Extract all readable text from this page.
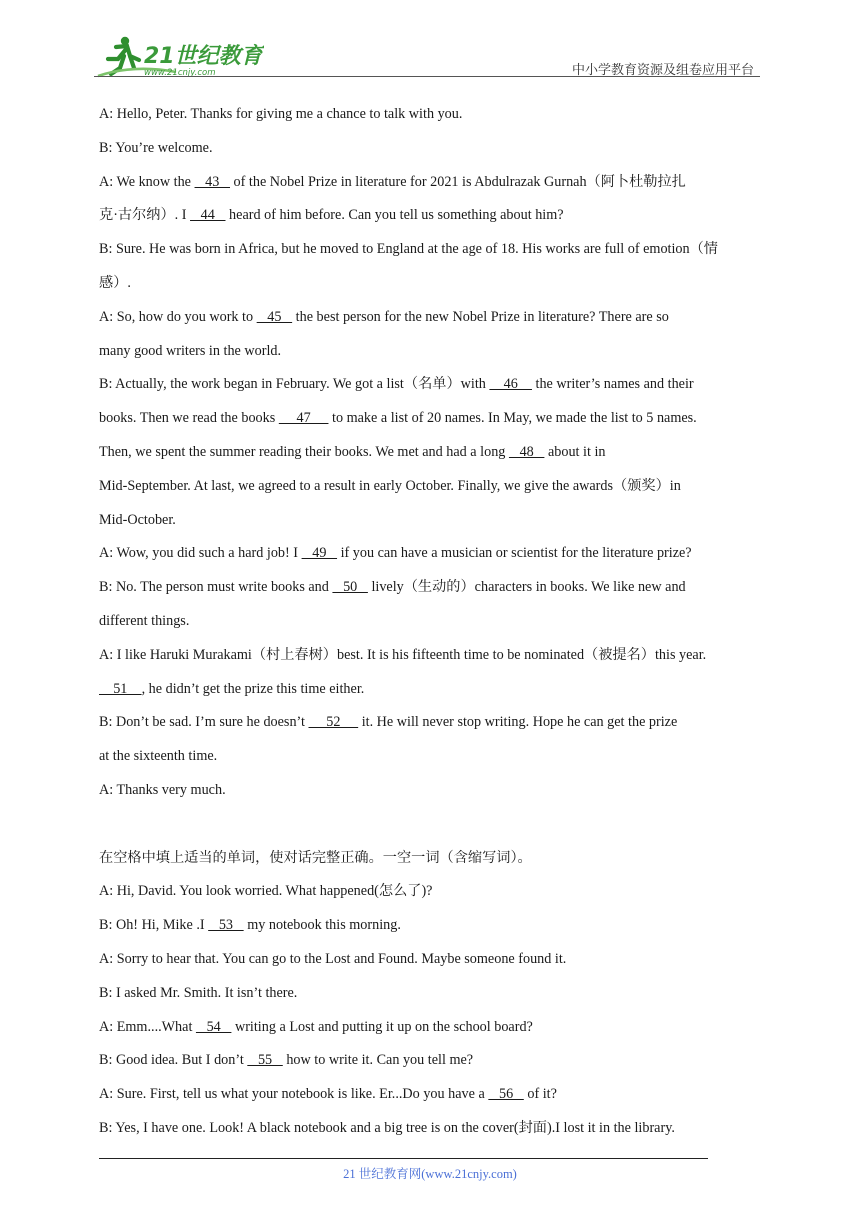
21世纪教育
www.21cnjy.com	中小学教育资源及组卷应用平台
A: Hello, Peter. Thanks for giving me a chance to talk with you.
B: You’re welcome.
A: We know the    43    of the Nobel Prize in literature for 2021 is Abdulrazak Gurnah（阿卜杜勒拉扎
克·古尔纳）. I    44    heard of him before. Can you tell us something about him?
B: Sure. He was born in Africa, but he moved to England at the age of 18. His works are full of emotion（情
感）.
A: So, how do you work to    45    the best person for the new Nobel Prize in literature? There are so
many good writers in the world.
B: Actually, the work began in February. We got a list（名单）with     46     the writer’s names and their
books. Then we read the books      47      to make a list of 20 names. In May, we made the list to 5 names.
Then, we spent the summer reading their books. We met and had a long    48    about it in
Mid-September. At last, we agreed to a result in early October. Finally, we give the awards（颁奖）in
Mid-October.
A: Wow, you did such a hard job! I    49    if you can have a musician or scientist for the literature prize?
B: No. The person must write books and    50    lively（生动的）characters in books. We like new and
different things.
A: I like Haruki Murakami（村上春树）best. It is his fifteenth time to be nominated（被提名）this year.
51    , he didn’t get the prize this time either.
B: Don’t be sad. I’m sure he doesn’t      52      it. He will never stop writing. Hope he can get the prize
at the sixteenth time.
A: Thanks very much.
在空格中填上适当的单词，使对话完整正确。一空一词（含缩写词）。
A: Hi, David. You look worried. What happened(怎么了)?
B: Oh! Hi, Mike .I    53    my notebook this morning.
A: Sorry to hear that. You can go to the Lost and Found. Maybe someone found it.
B: I asked Mr. Smith. It isn’t there.
A: Emm....What    54    writing a Lost and putting it up on the school board?
B: Good idea. But I don’t    55    how to write it. Can you tell me?
A: Sure. First, tell us what your notebook is like. Er...Do you have a    56    of it?
B: Yes, I have one. Look! A black notebook and a big tree is on the cover(封面).I lost it in the library.
21 世纪教育网(www.21cnjy.com)
